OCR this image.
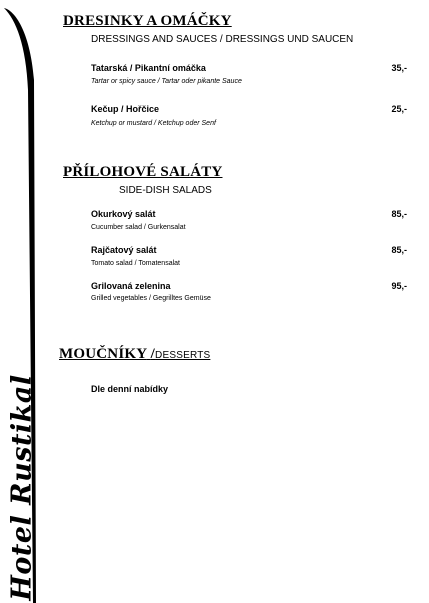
Hotel Rustikal
DRESINKY A OMÁČKY
DRESSINGS AND SAUCES / DRESSINGS UND SAUCEN
Tatarská / Pikantní omáčka
Tartar or spicy sauce / Tartar oder pikante Sauce
35,-
Kečup / Hořčice
Ketchup or mustard / Ketchup oder Senf
25,-
PŘÍLOHOVÉ SALÁTY
SIDE-DISH SALADS
Okurkový salát
Cucumber salad / Gurkensalat
85,-
Rajčatový salát
Tomato salad / Tomatensalat
85,-
Grilovaná zelenina
Grilled vegetables / Gegrilltes Gemüse
95,-
MOUČNÍKY /DESSERTS
Dle denní nabídky
